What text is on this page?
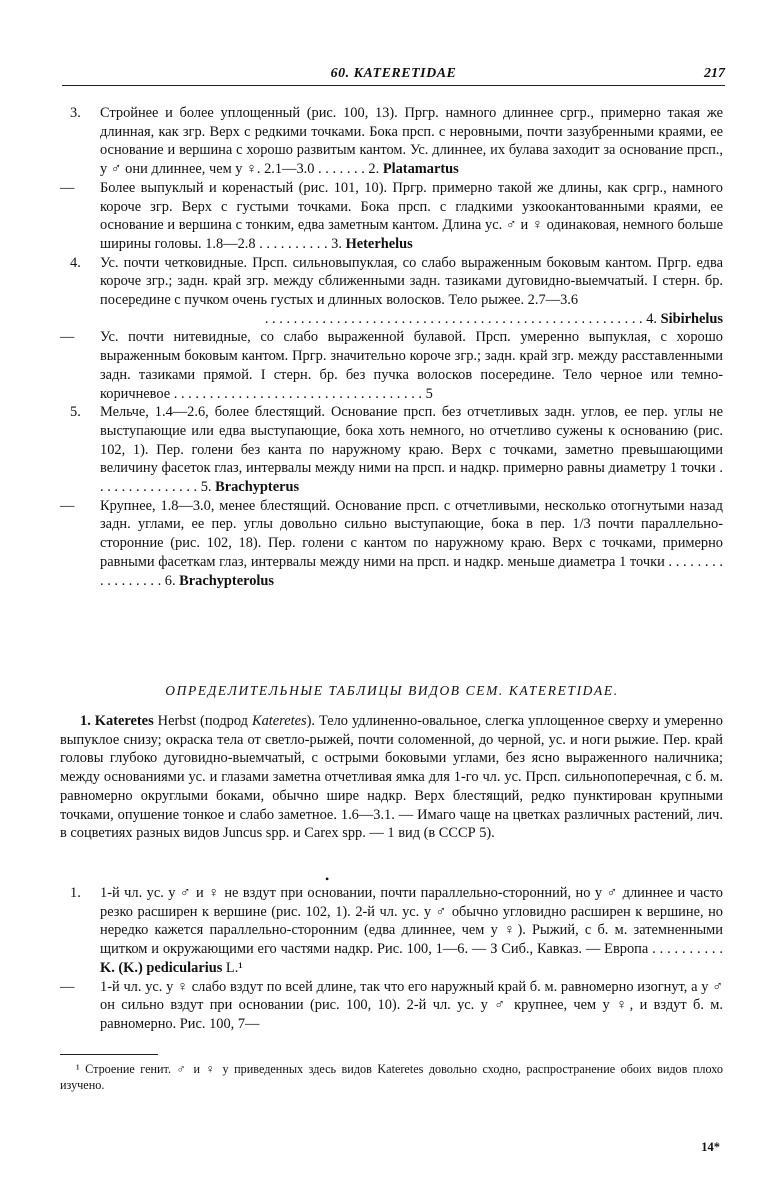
60. KATERETIDAE	217

3. Стройнее и более уплощенный (рис. 100, 13). Пргр. намного длиннее сргр., примерно такая же длинная, как згр. Верх с редкими точками. Бока прсп. с неровными, почти зазубренными краями, ее основание и вершина с хорошо развитым кантом. Ус. длиннее, их булава заходит за основание прсп., у ♂ они длиннее, чем у ♀. 2.1—3.0 . . . . . . . 2. Platamartus

— Более выпуклый и коренастый (рис. 101, 10). Пргр. примерно такой же длины, как сргр., намного короче згр. Верх с густыми точками. Бока прсп. с гладкими узкоокантованными краями, ее основание и вершина с тонким, едва заметным кантом. Длина ус. ♂ и ♀ одинаковая, немного больше ширины головы. 1.8—2.8 . . . . . . . . . . 3. Heterhelus

4. Ус. почти четковидные. Прсп. сильновыпуклая, со слабо выраженным боковым кантом. Пргр. едва короче згр.; задн. край згр. между сближенными задн. тазиками дуговидно-выемчатый. I стерн. бр. посередине с пучком очень густых и длинных волосков. Тело рыжее. 2.7—3.6
. . . . . . . . . . . . . . . . . . . . . . . . . . . . . . . . . . . . . . . . . . . . . . . . . . . . . 4. Sibirhelus

— Ус. почти нитевидные, со слабо выраженной булавой. Прсп. умеренно выпуклая, с хорошо выраженным боковым кантом. Пргр. значительно короче згр.; задн. край згр. между расставленными задн. тазиками прямой. I стерн. бр. без пучка волосков посередине. Тело черное или темно-коричневое . . . . . . . . . . . . . . . . . . . . . . . . . . . . . . . . . . . 5

5. Мельче, 1.4—2.6, более блестящий. Основание прсп. без отчетливых задн. углов, ее пер. углы не выступающие или едва выступающие, бока хоть немного, но отчетливо сужены к основанию (рис. 102, 1). Пер. голени без канта по наружному краю. Верх с точками, заметно превышающими величину фасеток глаз, интервалы между ними на прсп. и надкр. примерно равны диаметру 1 точки . . . . . . . . . . . . . . . 5. Brachypterus

— Крупнее, 1.8—3.0, менее блестящий. Основание прсп. с отчетливыми, несколько отогнутыми назад задн. углами, ее пер. углы довольно сильно выступающие, бока в пер. 1/3 почти параллельно-сторонние (рис. 102, 18). Пер. голени с кантом по наружному краю. Верх с точками, примерно равными фасеткам глаз, интервалы между ними на прсп. и надкр. меньше диаметра 1 точки . . . . . . . . . . . . . . . . . 6. Brachypterolus

ОПРЕДЕЛИТЕЛЬНЫЕ ТАБЛИЦЫ ВИДОВ СЕМ. KATERETIDAE.

1. Kateretes Herbst (подрод Kateretes). Тело удлиненно-овальное, слегка уплощенное сверху и умеренно выпуклое снизу; окраска тела от светло-рыжей, почти соломенной, до черной, ус. и ноги рыжие. Пер. край головы глубоко дуговидно-выемчатый, с острыми боковыми углами, без ясно выраженного наличника; между основаниями ус. и глазами заметна отчетливая ямка для 1-го чл. ус. Прсп. сильнопоперечная, с б. м. равномерно округлыми боками, обычно шире надкр. Верх блестящий, редко пунктирован крупными точками, опушение тонкое и слабо заметное. 1.6—3.1. — Имаго чаще на цветках различных растений, лич. в соцветиях разных видов Juncus spp. и Carex spp. — 1 вид (в СССР 5).

•

1. 1-й чл. ус. у ♂ и ♀ не вздут при основании, почти параллельно-сторонний, но у ♂ длиннее и часто резко расширен к вершине (рис. 102, 1). 2-й чл. ус. у ♂ обычно угловидно расширен к вершине, но нередко кажется параллельно-сторонним (едва длиннее, чем у ♀). Рыжий, с б. м. затемненными щитком и окружающими его частями надкр. Рис. 100, 1—6. — З Сиб., Кавказ. — Европа . . . . . . . . . . K. (K.) pedicularius L.¹

— 1-й чл. ус. у ♀ слабо вздут по всей длине, так что его наружный край б. м. равномерно изогнут, а у ♂ он сильно вздут при основании (рис. 100, 10). 2-й чл. ус. у ♂ крупнее, чем у ♀, и вздут б. м. равномерно. Рис. 100, 7—

¹ Строение генит. ♂ и ♀ у приведенных здесь видов Kateretes довольно сходно, распространение обоих видов плохо изучено.

14*
